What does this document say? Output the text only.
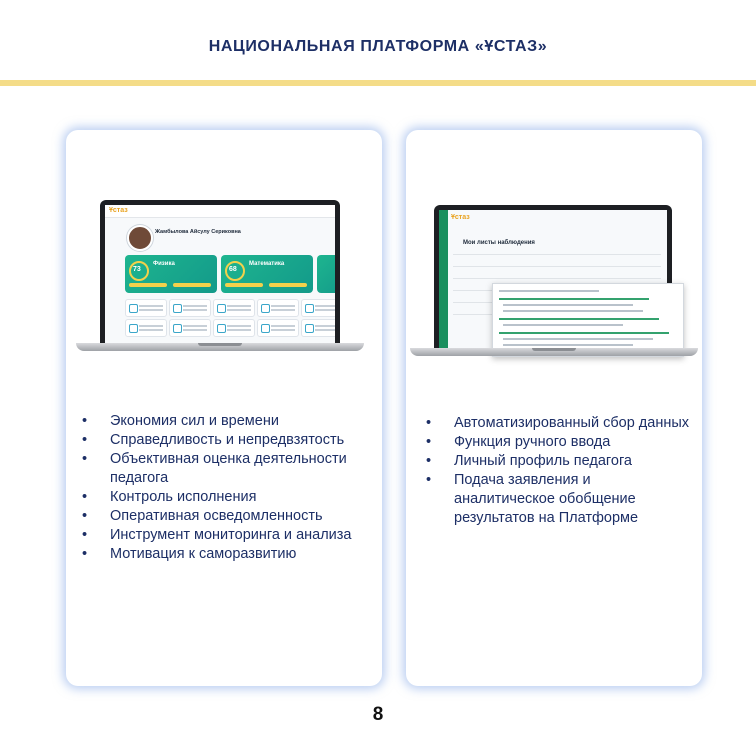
НАЦИОНАЛЬНАЯ ПЛАТФОРМА «ҰСТАЗ»
Ұстаз
Жамбылова Айсулу Сериковна
73
Физика
68
Математика
• Экономия сил и времени
• Справедливость и непредвзятость
• Объективная оценка деятельности педагога
• Контроль исполнения
• Оперативная осведомленность
• Инструмент мониторинга и анализа
• Мотивация к саморазвитию
Ұстаз
Мои листы наблюдения
• Автоматизированный сбор данных
• Функция ручного ввода
• Личный профиль педагога
• Подача заявления и аналитическое обобщение результатов на Платформе
8
